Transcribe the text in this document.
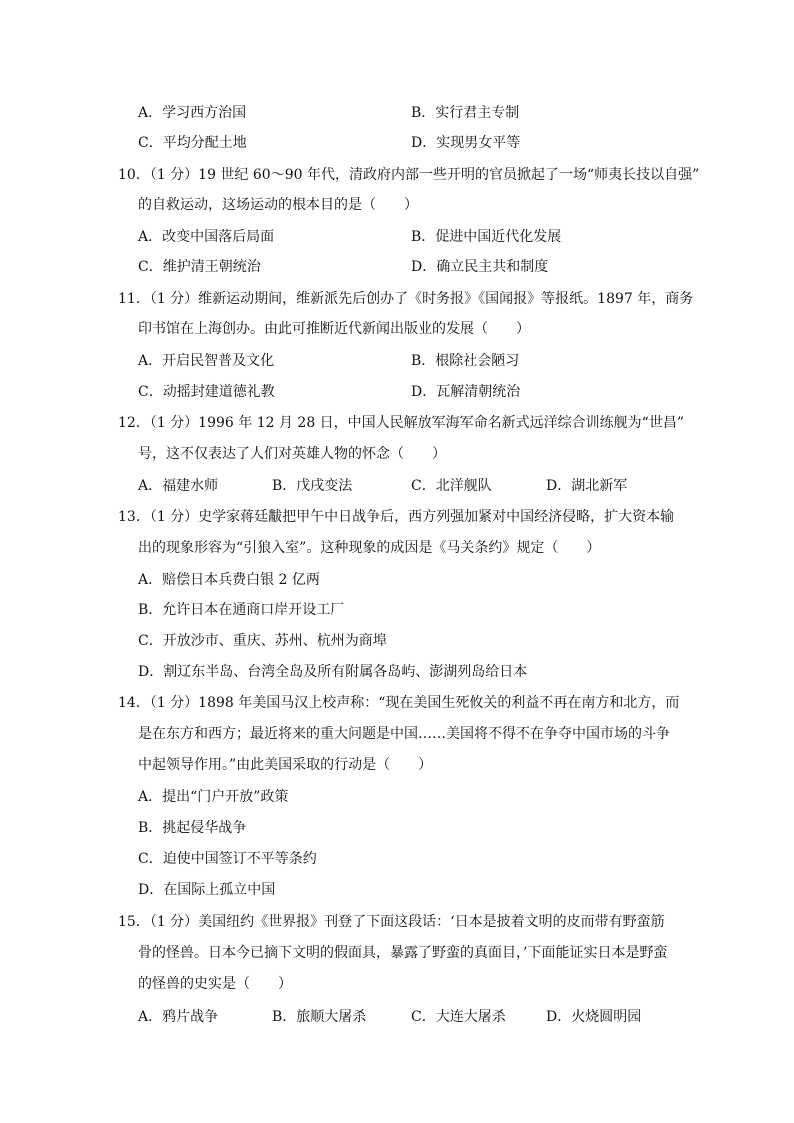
A．学习西方治国	B．实行君主专制
C．平均分配土地	D．实现男女平等
10．（1 分）19 世纪 60～90 年代，清政府内部一些开明的官员掀起了一场“师夷长技以自强”
的自救运动，这场运动的根本目的是（　　）
A．改变中国落后局面	B．促进中国近代化发展
C．维护清王朝统治	D．确立民主共和制度
11．（1 分）维新运动期间，维新派先后创办了《时务报》《国闻报》等报纸。1897 年，商务
印书馆在上海创办。由此可推断近代新闻出版业的发展（　　）
A．开启民智普及文化	B．根除社会陋习
C．动摇封建道德礼教	D．瓦解清朝统治
12．（1 分）1996 年 12 月 28 日，中国人民解放军海军命名新式远洋综合训练舰为“世昌”
号，这不仅表达了人们对英雄人物的怀念（　　）
A．福建水师	B．戊戌变法	C．北洋舰队	D．湖北新军
13．（1 分）史学家蒋廷黻把甲午中日战争后，西方列强加紧对中国经济侵略，扩大资本输
出的现象形容为“引狼入室”。这种现象的成因是《马关条约》规定（　　）
A．赔偿日本兵费白银 2 亿两
B．允许日本在通商口岸开设工厂
C．开放沙市、重庆、苏州、杭州为商埠
D．割辽东半岛、台湾全岛及所有附属各岛屿、澎湖列岛给日本
14．（1 分）1898 年美国马汉上校声称：“现在美国生死攸关的利益不再在南方和北方，而
是在东方和西方；最近将来的重大问题是中国……美国将不得不在争夺中国市场的斗争
中起领导作用。”由此美国采取的行动是（　　）
A．提出“门户开放”政策
B．挑起侵华战争
C．迫使中国签订不平等条约
D．在国际上孤立中国
15．（1 分）美国纽约《世界报》刊登了下面这段话：‘日本是披着文明的皮而带有野蛮筋
骨的怪兽。日本今已摘下文明的假面具，暴露了野蛮的真面目，’下面能证实日本是野蛮
的怪兽的史实是（　　）
A．鸦片战争	B．旅顺大屠杀	C．大连大屠杀	D．火烧圆明园
